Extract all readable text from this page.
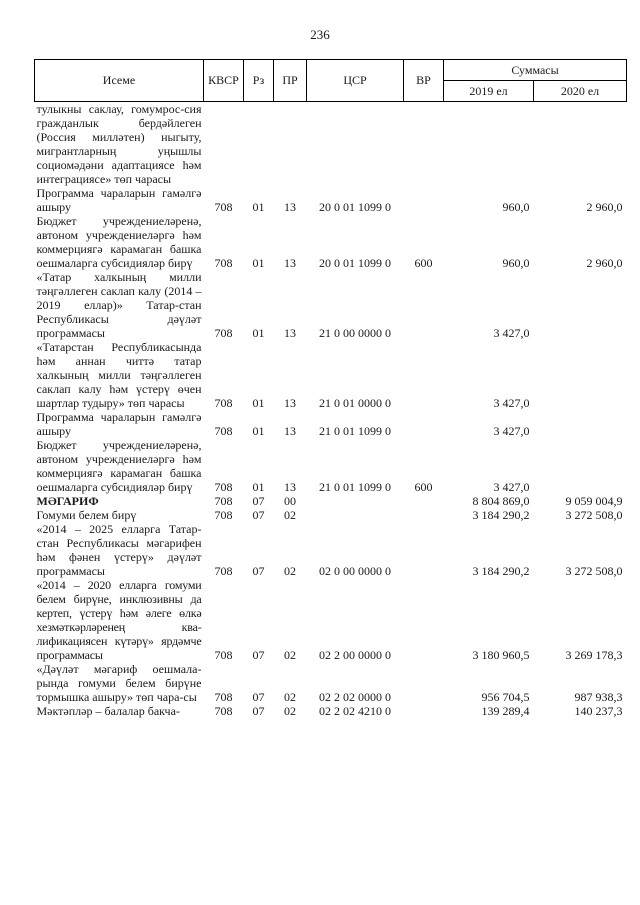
236
Исеме	КВСР	Рз	ПР	ЦСР	ВР	Суммасы	
						2019 ел	2020 ел
тулыкны саклау, гомумрос-сия гражданлык бердәйлеген (Россия милләтен) ныгыту, мигрантларның уңышлы социомәдәни адаптациясе һәм интеграциясе» төп чарасы							
Программа чараларын гамәлгә ашыру	708	01	13	20 0 01 1099 0		960,0	2 960,0
Бюджет учреждениеләренә, автоном учреждениеләргә һәм коммерциягә карамаган башка оешмаларга субсидияләр бирү	708	01	13	20 0 01 1099 0	600	960,0	2 960,0
«Татар халкының милли тәңгәллеген саклап калу (2014 – 2019 еллар)» Татар-стан Республикасы дәүләт программасы	708	01	13	21 0 00 0000 0		3 427,0	
«Татарстан Республикасында һәм аннан читтә татар халкының милли тәңгәллеген саклап калу һәм үстерү өчен шартлар тудыру» төп чарасы	708	01	13	21 0 01 0000 0		3 427,0	
Программа чараларын гамәлгә ашыру	708	01	13	21 0 01 1099 0		3 427,0	
Бюджет учреждениеләренә, автоном учреждениеләргә һәм коммерциягә карамаган башка оешмаларга субсидияләр бирү	708	01	13	21 0 01 1099 0	600	3 427,0	
МӘГАРИФ	708	07	00			8 804 869,0	9 059 004,9
Гомуми белем бирү	708	07	02			3 184 290,2	3 272 508,0
«2014 – 2025 елларга Татар-стан Республикасы мәгарифен һәм фәнен үстерү» дәүләт программасы	708	07	02	02 0 00 0000 0		3 184 290,2	3 272 508,0
«2014 – 2020 елларга гомуми белем бирүне, инклюзивны да кертеп, үстерү һәм әлеге өлкә хезмәткәрләренең ква-лификациясен күтәрү» ярдәмче программасы	708	07	02	02 2 00 0000 0		3 180 960,5	3 269 178,3
«Дәүләт мәгариф оешмала-рында гомуми белем бирүне тормышка ашыру» төп чара-сы	708	07	02	02 2 02 0000 0		956 704,5	987 938,3
Мәктәпләр – балалар бакча-	708	07	02	02 2 02 4210 0		139 289,4	140 237,3
